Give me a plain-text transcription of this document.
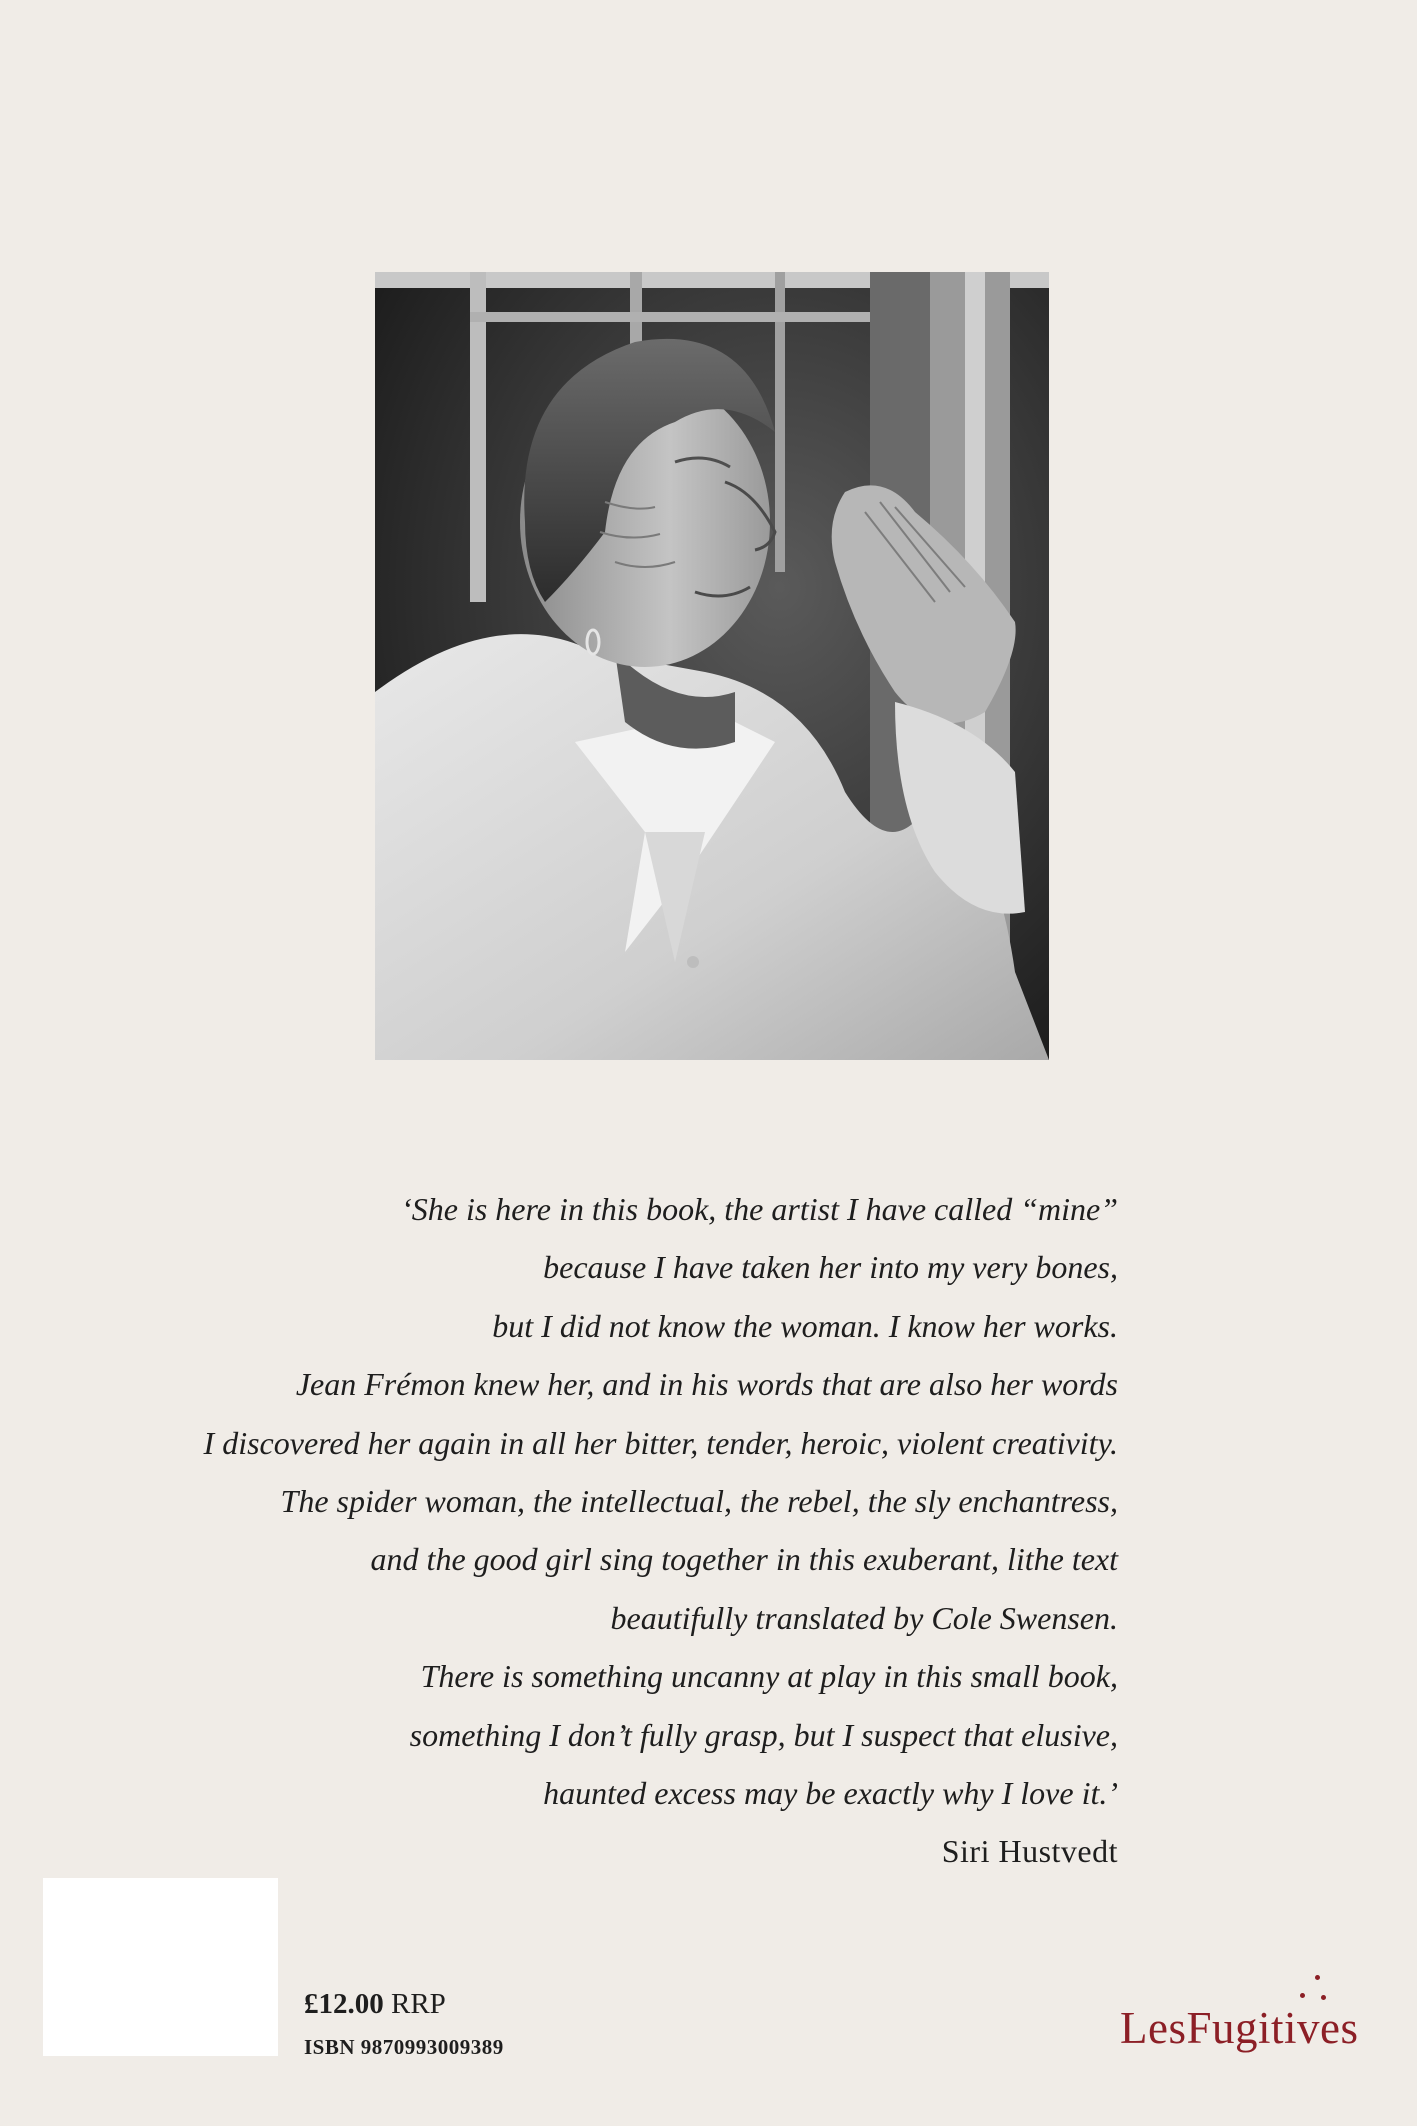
‘She is here in this book, the artist I have called “mine”
because I have taken her into my very bones,
but I did not know the woman. I know her works.
Jean Frémon knew her, and in his words that are also her words
I discovered her again in all her bitter, tender, heroic, violent creativity.
The spider woman, the intellectual, the rebel, the sly enchantress,
and the good girl sing together in this exuberant, lithe text
beautifully translated by Cole Swensen.
There is something uncanny at play in this small book,
something I don’t fully grasp, but I suspect that elusive,
haunted excess may be exactly why I love it.’
Siri Hustvedt
£12.00 RRP
ISBN 9870993009389	LesFugitives
